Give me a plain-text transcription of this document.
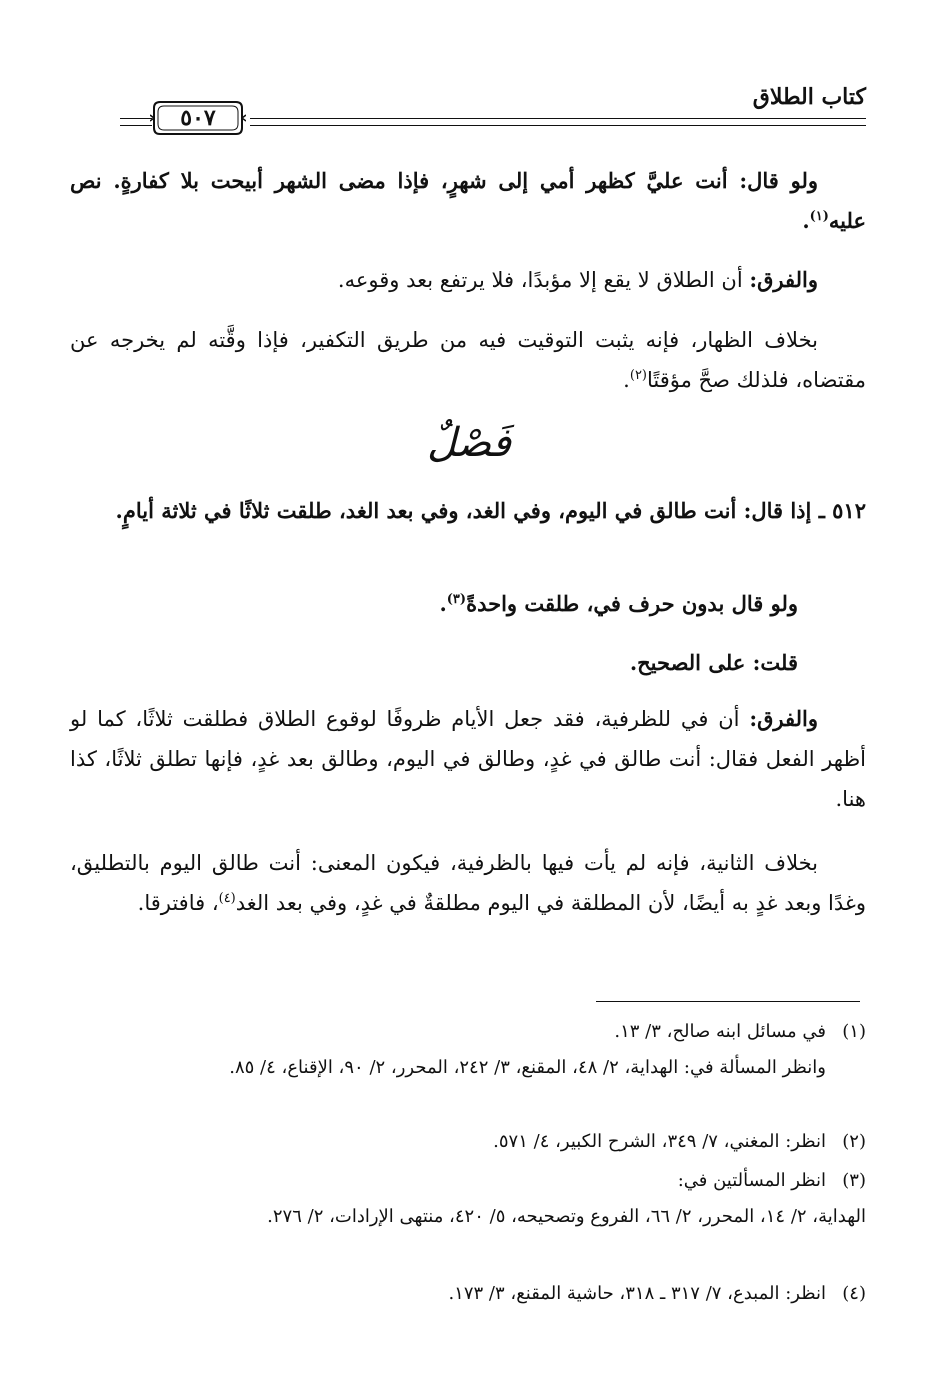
كتاب الطلاق
٥٠٧
ولو قال: أنت عليَّ كظهر أمي إلى شهرٍ، فإذا مضى الشهر أبيحت بلا كفارةٍ. نص عليه$^{(١)}$.
والفرق: أن الطلاق لا يقع إلا مؤبدًا، فلا يرتفع بعد وقوعه.
بخلاف الظهار، فإنه يثبت التوقيت فيه من طريق التكفير، فإذا وقَّته لم يخرجه عن مقتضاه، فلذلك صحَّ مؤقتًا$^{(٢)}$.
فَصْلٌ
٥١٢ ـ إذا قال: أنت طالق في اليوم، وفي الغد، وفي بعد الغد، طلقت ثلاثًا في ثلاثة أيامٍ.
ولو قال بدون حرف في، طلقت واحدةً$^{(٣)}$.
قلت: على الصحيح.
والفرق: أن في للظرفية، فقد جعل الأيام ظروفًا لوقوع الطلاق فطلقت ثلاثًا، كما لو أظهر الفعل فقال: أنت طالق في غدٍ، وطالق في اليوم، وطالق بعد غدٍ، فإنها تطلق ثلاثًا، كذا هنا.
بخلاف الثانية، فإنه لم يأت فيها بالظرفية، فيكون المعنى: أنت طالق اليوم بالتطليق، وغدًا وبعد غدٍ به أيضًا، لأن المطلقة في اليوم مطلقةٌ في غدٍ، وفي بعد الغد$^{(٤)}$، فافترقا.
(١)في مسائل ابنه صالح، ٣/ ١٣.
وانظر المسألة في: الهداية، ٢/ ٤٨، المقنع، ٣/ ٢٤٢، المحرر، ٢/ ٩٠، الإقناع، ٤/ ٨٥.
(٢)انظر: المغني، ٧/ ٣٤٩، الشرح الكبير، ٤/ ٥٧١.
(٣)انظر المسألتين في:
الهداية، ٢/ ١٤، المحرر، ٢/ ٦٦، الفروع وتصحيحه، ٥/ ٤٢٠، منتهى الإرادات، ٢/ ٢٧٦.
(٤)انظر: المبدع، ٧/ ٣١٧ ـ ٣١٨، حاشية المقنع، ٣/ ١٧٣.
